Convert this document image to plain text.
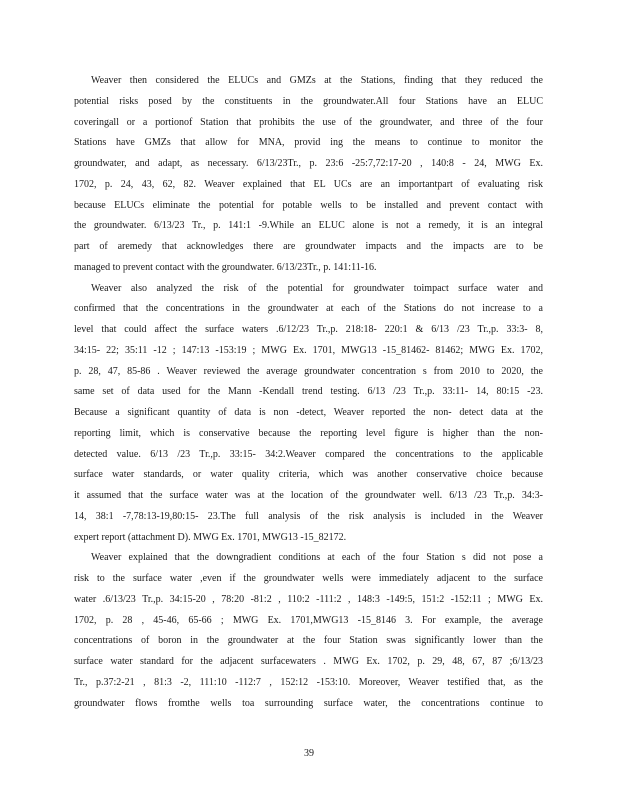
Weaver then considered the ELUCs and GMZs at the Stations, finding that they reduced the
potential risks posed by the constituents in the groundwater.All four Stations have an ELUC
coveringall or a portionof Station that prohibits the use of the groundwater, and three of the four
Stations have GMZs that allow for MNA, provid ing the means to continue to monitor the
groundwater, and adapt, as necessary. 6/13/23Tr., p. 23:6 -25:7,72:17-20 , 140:8 - 24, MWG Ex.
1702, p. 24, 43, 62, 82. Weaver explained that EL UCs are an importantpart of evaluating risk
because ELUCs eliminate the potential for potable wells to be installed and prevent contact with
the groundwater. 6/13/23 Tr., p. 141:1 -9.While an ELUC alone is not a remedy, it is an integral
part of aremedy that acknowledges there are groundwater impacts and the impacts are to be
managed to prevent contact with the groundwater. 6/13/23Tr., p. 141:11-16.
Weaver also analyzed the risk of the potential for groundwater toimpact surface water and
confirmed that the concentrations in the groundwater at each of the Stations do not increase to a
level that could affect the surface waters .6/12/23 Tr.,p. 218:18- 220:1 & 6/13 /23 Tr.,p. 33:3- 8,
34:15- 22; 35:11 -12 ; 147:13 -153:19 ; MWG Ex. 1701, MWG13 -15_81462- 81462; MWG Ex. 1702,
p. 28, 47, 85-86 . Weaver reviewed the average groundwater concentration s from 2010 to 2020, the
same set of data used for the Mann -Kendall trend testing. 6/13 /23 Tr.,p. 33:11- 14, 80:15 -23.
Because a significant quantity of data is non -detect, Weaver reported the non- detect data at the
reporting limit, which is conservative because the reporting level figure is higher than the non-
detected value. 6/13 /23 Tr.,p. 33:15- 34:2.Weaver compared the concentrations to the applicable
surface water standards, or water quality criteria, which was another conservative choice because
it assumed that the surface water was at the location of the groundwater well. 6/13 /23 Tr.,p. 34:3-
14, 38:1 -7,78:13-19,80:15- 23.The full analysis of the risk analysis is included in the Weaver
expert report (attachment D). MWG Ex. 1701, MWG13 -15_82172.
Weaver explained that the downgradient conditions at each of the four Station s did not pose a
risk to the surface water ,even if the groundwater wells were immediately adjacent to the surface
water .6/13/23 Tr.,p. 34:15-20 , 78:20 -81:2 , 110:2 -111:2 , 148:3 -149:5, 151:2 -152:11 ; MWG Ex.
1702, p. 28 , 45-46, 65-66 ; MWG Ex. 1701,MWG13 -15_8146 3. For example, the average
concentrations of boron in the groundwater at the four Station swas significantly lower than the
surface water standard for the adjacent surfacewaters . MWG Ex. 1702, p. 29, 48, 67, 87 ;6/13/23
Tr., p.37:2-21 , 81:3 -2, 111:10 -112:7 , 152:12 -153:10. Moreover, Weaver testified that, as the
groundwater flows fromthe wells toa surrounding surface water, the concentrations continue to
39
